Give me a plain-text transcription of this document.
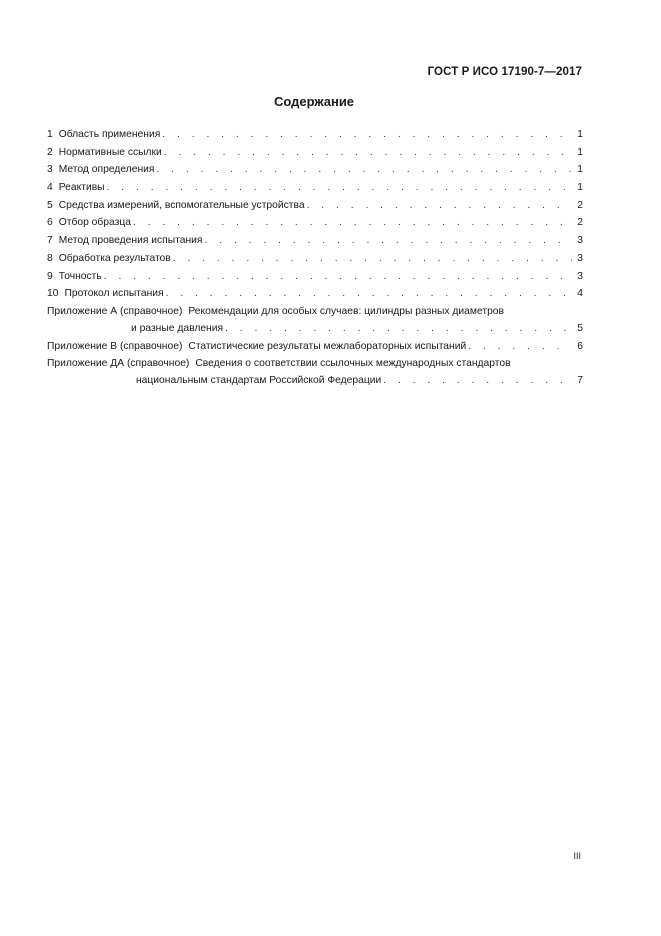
ГОСТ Р ИСО 17190-7—2017
Содержание
1 Область применения . . .	1
2 Нормативные ссылки . . .	1
3 Метод определения . . .	1
4 Реактивы . . .	1
5 Средства измерений, вспомогательные устройства . . .	2
6 Отбор образца . . .	2
7 Метод проведения испытания . . .	3
8 Обработка результатов . . .	3
9 Точность . . .	3
10 Протокол испытания . . .	4
Приложение А (справочное) Рекомендации для особых случаев: цилиндры разных диаметров
и разные давления . . .	5
Приложение В (справочное) Статистические результаты межлабораторных испытаний . . .	6
Приложение ДА (справочное) Сведения о соответствии ссылочных международных стандартов
национальным стандартам Российской Федерации . . .	7
III
